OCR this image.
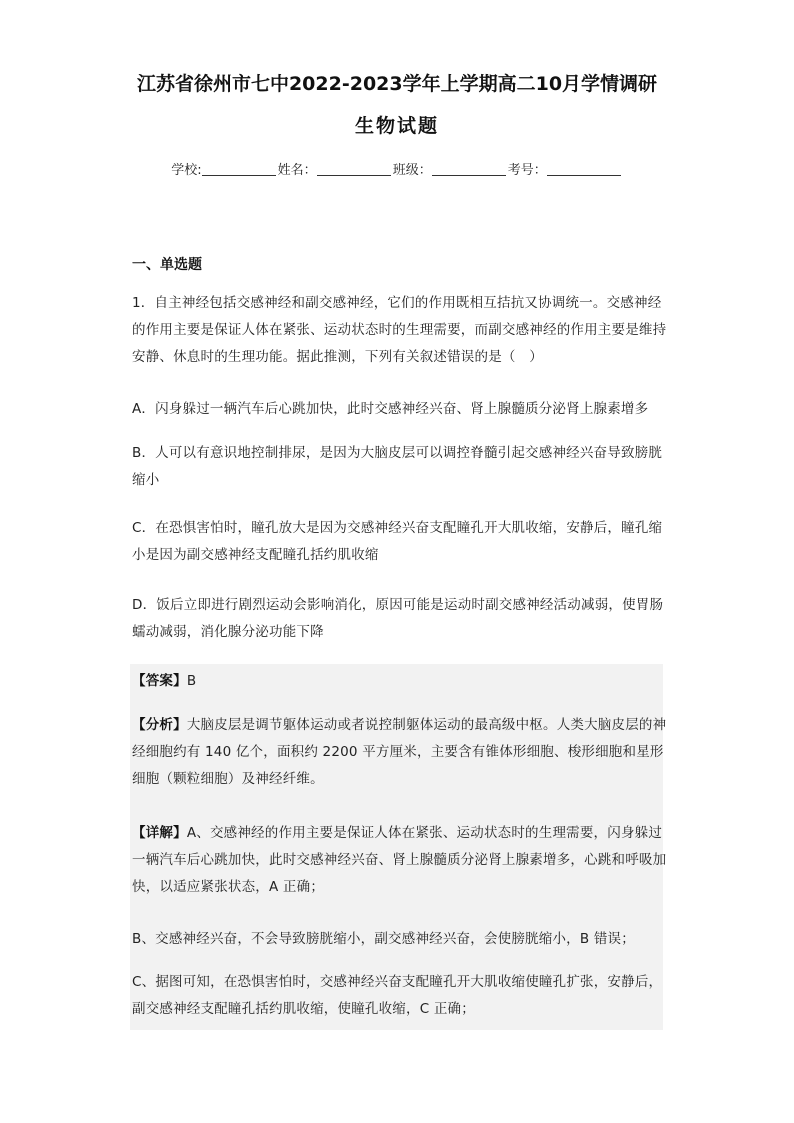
江苏省徐州市七中2022-2023学年上学期高二10月学情调研
生物试题
学校:	姓名：	班级：	考号：
一、单选题
1．自主神经包括交感神经和副交感神经，它们的作用既相互拮抗又协调统一。交感神经的作用主要是保证人体在紧张、运动状态时的生理需要，而副交感神经的作用主要是维持安静、休息时的生理功能。据此推测，下列有关叙述错误的是（　）
A．闪身躲过一辆汽车后心跳加快，此时交感神经兴奋、肾上腺髓质分泌肾上腺素增多
B．人可以有意识地控制排尿，是因为大脑皮层可以调控脊髓引起交感神经兴奋导致膀胱缩小
C．在恐惧害怕时，瞳孔放大是因为交感神经兴奋支配瞳孔开大肌收缩，安静后，瞳孔缩小是因为副交感神经支配瞳孔括约肌收缩
D．饭后立即进行剧烈运动会影响消化，原因可能是运动时副交感神经活动减弱，使胃肠蠕动减弱，消化腺分泌功能下降
【答案】B
【分析】大脑皮层是调节躯体运动或者说控制躯体运动的最高级中枢。人类大脑皮层的神经细胞约有 140 亿个，面积约 2200 平方厘米，主要含有锥体形细胞、梭形细胞和星形细胞（颗粒细胞）及神经纤维。
【详解】A、交感神经的作用主要是保证人体在紧张、运动状态时的生理需要，闪身躲过一辆汽车后心跳加快，此时交感神经兴奋、肾上腺髓质分泌肾上腺素增多，心跳和呼吸加快，以适应紧张状态，A 正确；
B、交感神经兴奋，不会导致膀胱缩小，副交感神经兴奋，会使膀胱缩小，B 错误；
C、据图可知，在恐惧害怕时，交感神经兴奋支配瞳孔开大肌收缩使瞳孔扩张，安静后，副交感神经支配瞳孔括约肌收缩，使瞳孔收缩，C 正确；
